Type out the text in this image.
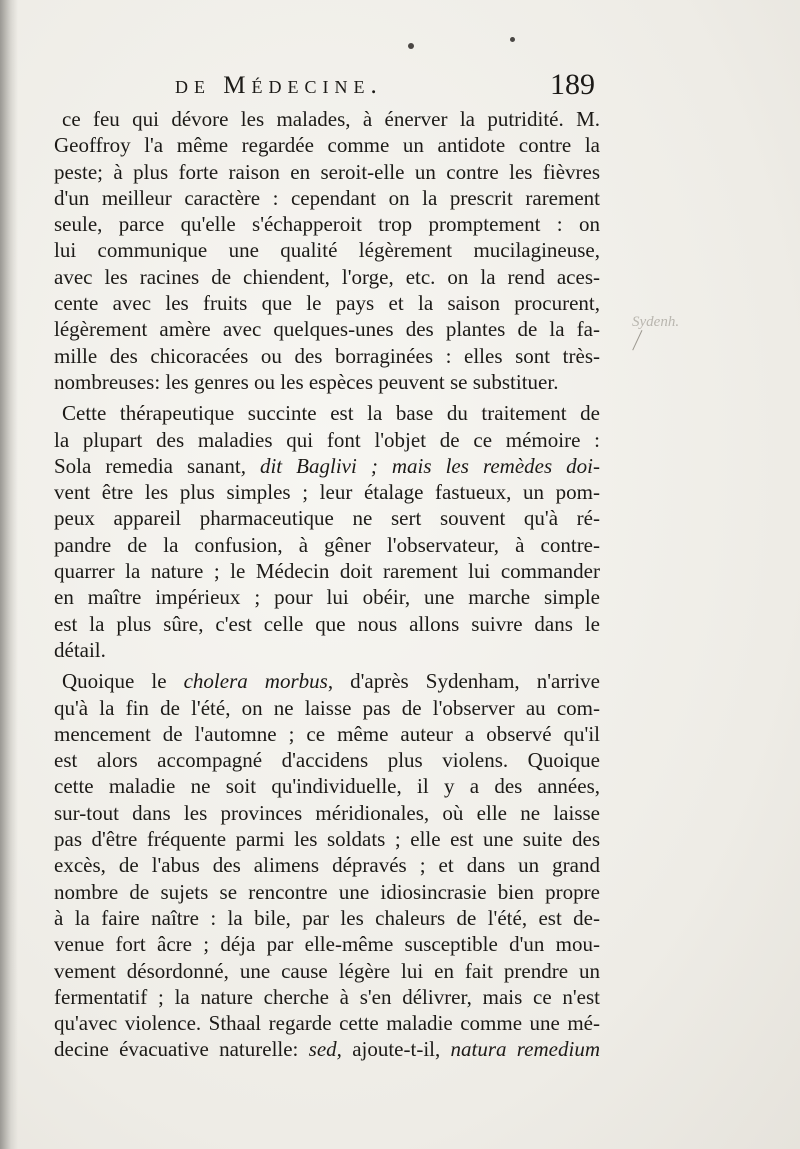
de Médecine.	189
Sydenh.
ce feu qui dévore les malades, à énerver la putridité. M.
Geoffroy l'a même regardée comme un antidote contre la
peste; à plus forte raison en seroit-elle un contre les fièvres
d'un meilleur caractère : cependant on la prescrit rarement
seule, parce qu'elle s'échapperoit trop promptement : on
lui communique une qualité légèrement mucilagineuse,
avec les racines de chiendent, l'orge, etc. on la rend aces-
cente avec les fruits que le pays et la saison procurent,
légèrement amère avec quelques-unes des plantes de la fa-
mille des chicoracées ou des borraginées : elles sont très-
nombreuses: les genres ou les espèces peuvent se substituer.
Cette thérapeutique succinte est la base du traitement de
la plupart des maladies qui font l'objet de ce mémoire :
Sola remedia sanant, dit Baglivi ; mais les remèdes doi-
vent être les plus simples ; leur étalage fastueux, un pom-
peux appareil pharmaceutique ne sert souvent qu'à ré-
pandre de la confusion, à gêner l'observateur, à contre-
quarrer la nature ; le Médecin doit rarement lui commander
en maître impérieux ; pour lui obéir, une marche simple
est la plus sûre, c'est celle que nous allons suivre dans le
détail.
Quoique le cholera morbus, d'après Sydenham, n'arrive
qu'à la fin de l'été, on ne laisse pas de l'observer au com-
mencement de l'automne ; ce même auteur a observé qu'il
est alors accompagné d'accidens plus violens. Quoique
cette maladie ne soit qu'individuelle, il y a des années,
sur-tout dans les provinces méridionales, où elle ne laisse
pas d'être fréquente parmi les soldats ; elle est une suite des
excès, de l'abus des alimens dépravés ; et dans un grand
nombre de sujets se rencontre une idiosincrasie bien propre
à la faire naître : la bile, par les chaleurs de l'été, est de-
venue fort âcre ; déja par elle-même susceptible d'un mou-
vement désordonné, une cause légère lui en fait prendre un
fermentatif ; la nature cherche à s'en délivrer, mais ce n'est
qu'avec violence. Sthaal regarde cette maladie comme une mé-
decine évacuative naturelle: sed, ajoute-t-il, natura remedium
